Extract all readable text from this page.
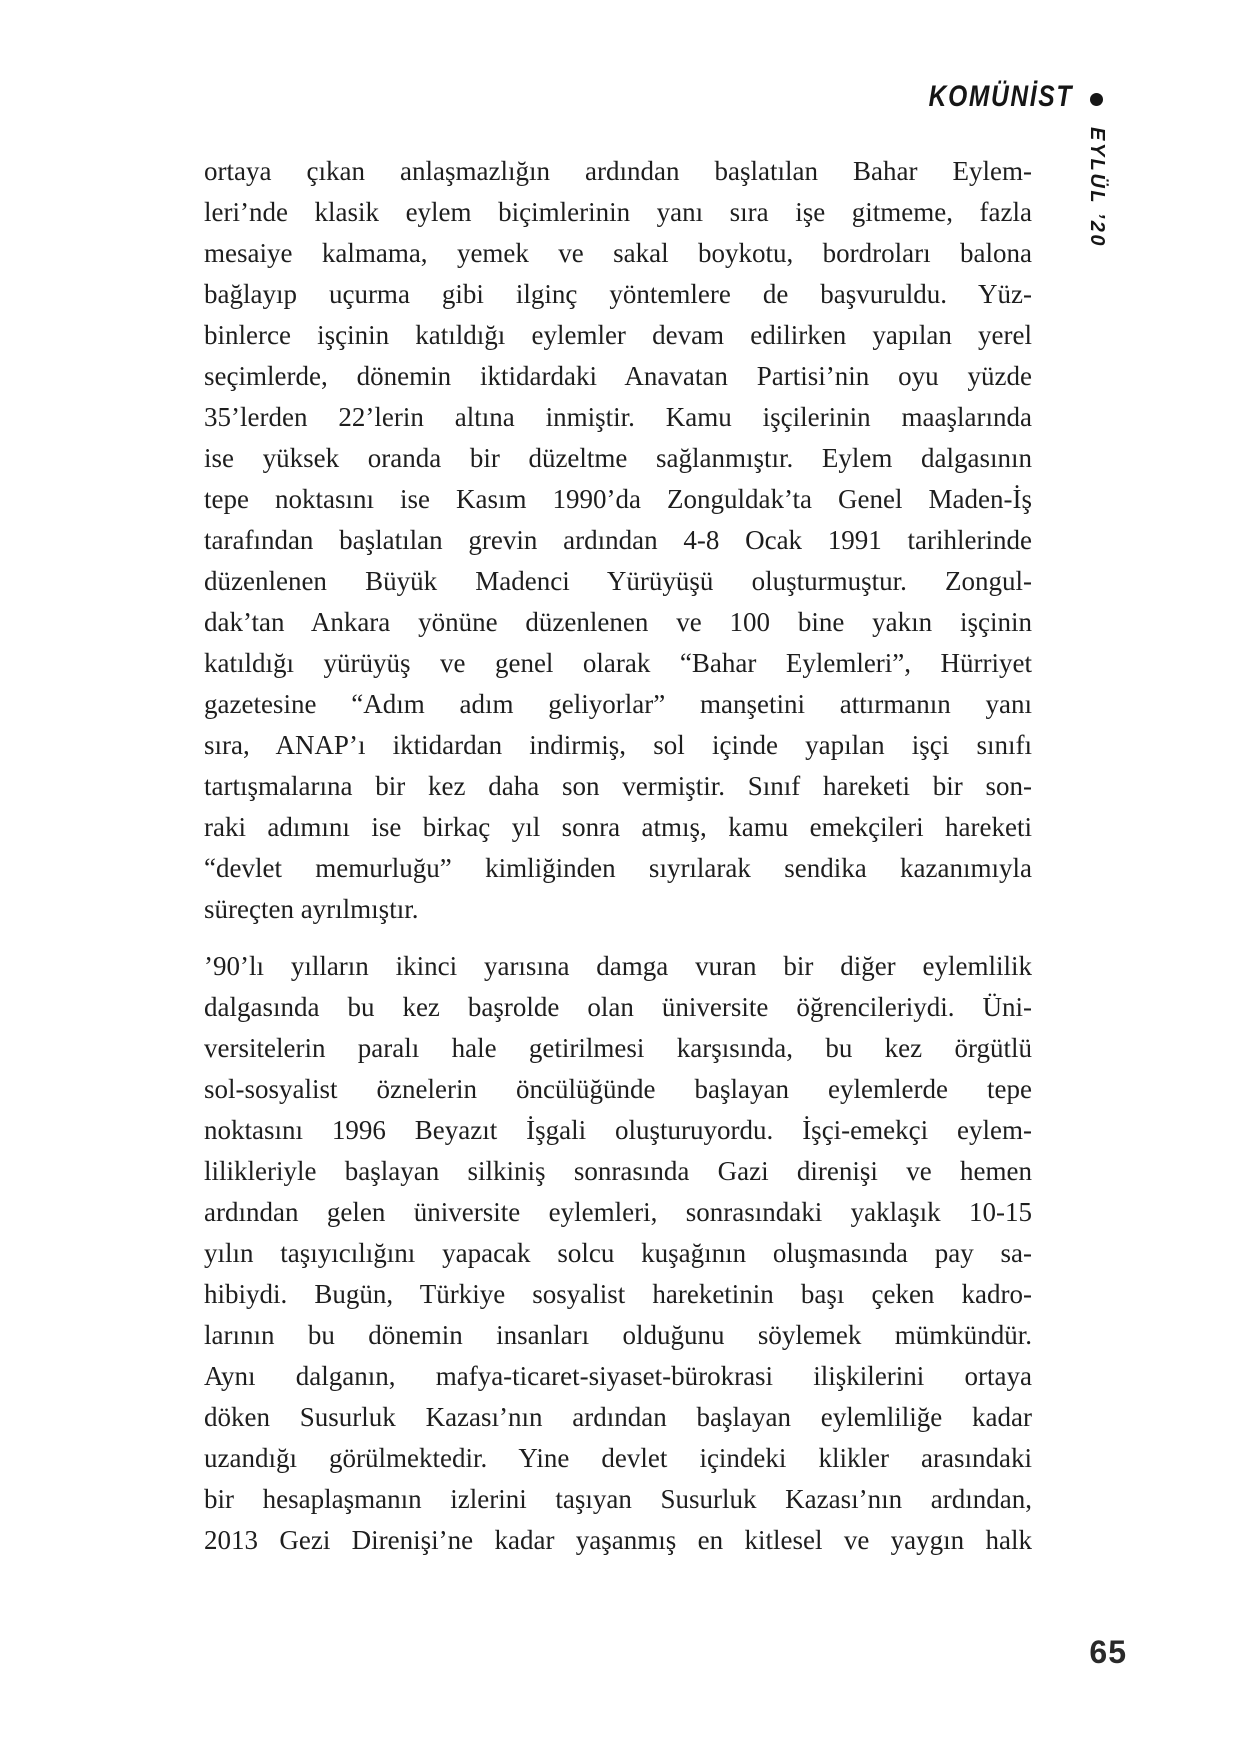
KOMÜNİST
EYLÜL ’20
ortaya çıkan anlaşmazlığın ardından başlatılan Bahar Eylem-
leri’nde klasik eylem biçimlerinin yanı sıra işe gitmeme, fazla
mesaiye kalmama, yemek ve sakal boykotu, bordroları balona
bağlayıp uçurma gibi ilginç yöntemlere de başvuruldu. Yüz-
binlerce işçinin katıldığı eylemler devam edilirken yapılan yerel
seçimlerde, dönemin iktidardaki Anavatan Partisi’nin oyu yüzde
35’lerden 22’lerin altına inmiştir. Kamu işçilerinin maaşlarında
ise yüksek oranda bir düzeltme sağlanmıştır. Eylem dalgasının
tepe noktasını ise Kasım 1990’da Zonguldak’ta Genel Maden-İş
tarafından başlatılan grevin ardından 4-8 Ocak 1991 tarihlerinde
düzenlenen Büyük Madenci Yürüyüşü oluşturmuştur. Zongul-
dak’tan Ankara yönüne düzenlenen ve 100 bine yakın işçinin
katıldığı yürüyüş ve genel olarak “Bahar Eylemleri”, Hürriyet
gazetesine “Adım adım geliyorlar” manşetini attırmanın yanı
sıra, ANAP’ı iktidardan indirmiş, sol içinde yapılan işçi sınıfı
tartışmalarına bir kez daha son vermiştir. Sınıf hareketi bir son-
raki adımını ise birkaç yıl sonra atmış, kamu emekçileri hareketi
“devlet memurluğu” kimliğinden sıyrılarak sendika kazanımıyla
süreçten ayrılmıştır.
’90’lı yılların ikinci yarısına damga vuran bir diğer eylemlilik
dalgasında bu kez başrolde olan üniversite öğrencileriydi. Üni-
versitelerin paralı hale getirilmesi karşısında, bu kez örgütlü
sol-sosyalist öznelerin öncülüğünde başlayan eylemlerde tepe
noktasını 1996 Beyazıt İşgali oluşturuyordu. İşçi-emekçi eylem-
lilikleriyle başlayan silkiniş sonrasında Gazi direnişi ve hemen
ardından gelen üniversite eylemleri, sonrasındaki yaklaşık 10-15
yılın taşıyıcılığını yapacak solcu kuşağının oluşmasında pay sa-
hibiydi. Bugün, Türkiye sosyalist hareketinin başı çeken kadro-
larının bu dönemin insanları olduğunu söylemek mümkündür.
Aynı dalganın, mafya-ticaret-siyaset-bürokrasi ilişkilerini ortaya
döken Susurluk Kazası’nın ardından başlayan eylemliliğe kadar
uzandığı görülmektedir. Yine devlet içindeki klikler arasındaki
bir hesaplaşmanın izlerini taşıyan Susurluk Kazası’nın ardından,
2013 Gezi Direnişi’ne kadar yaşanmış en kitlesel ve yaygın halk
65
